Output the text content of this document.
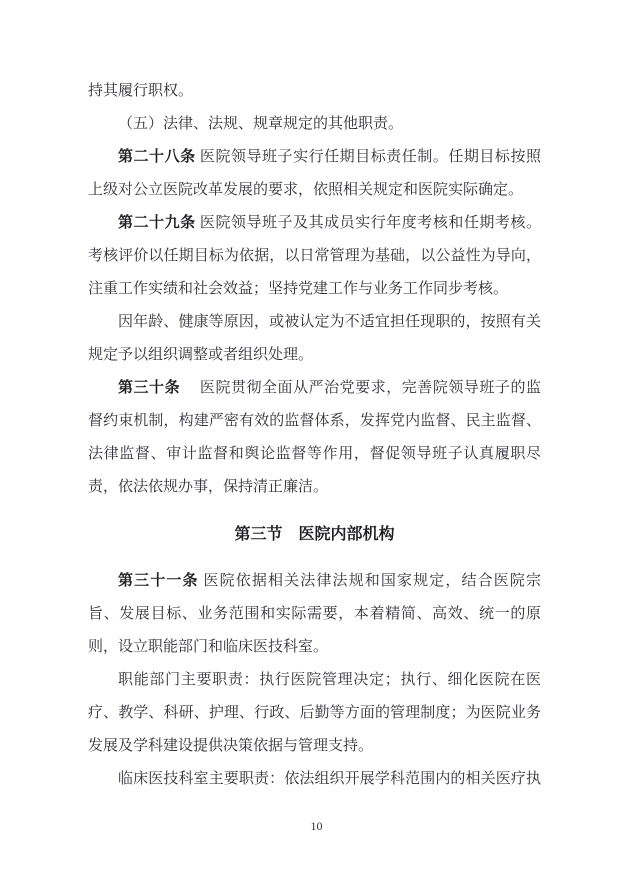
持其履行职权。

（五）法律、法规、规章规定的其他职责。

第二十八条 医院领导班子实行任期目标责任制。任期目标按照上级对公立医院改革发展的要求，依照相关规定和医院实际确定。

第二十九条 医院领导班子及其成员实行年度考核和任期考核。考核评价以任期目标为依据，以日常管理为基础，以公益性为导向，注重工作实绩和社会效益；坚持党建工作与业务工作同步考核。

因年龄、健康等原因，或被认定为不适宜担任现职的，按照有关规定予以组织调整或者组织处理。

第三十条 　医院贯彻全面从严治党要求，完善院领导班子的监督约束机制，构建严密有效的监督体系，发挥党内监督、民主监督、法律监督、审计监督和舆论监督等作用，督促领导班子认真履职尽责，依法依规办事，保持清正廉洁。

第三节　医院内部机构

第三十一条 医院依据相关法律法规和国家规定，结合医院宗旨、发展目标、业务范围和实际需要，本着精简、高效、统一的原则，设立职能部门和临床医技科室。

职能部门主要职责：执行医院管理决定；执行、细化医院在医疗、教学、科研、护理、行政、后勤等方面的管理制度；为医院业务发展及学科建设提供决策依据与管理支持。

临床医技科室主要职责：依法组织开展学科范围内的相关医疗执

10
